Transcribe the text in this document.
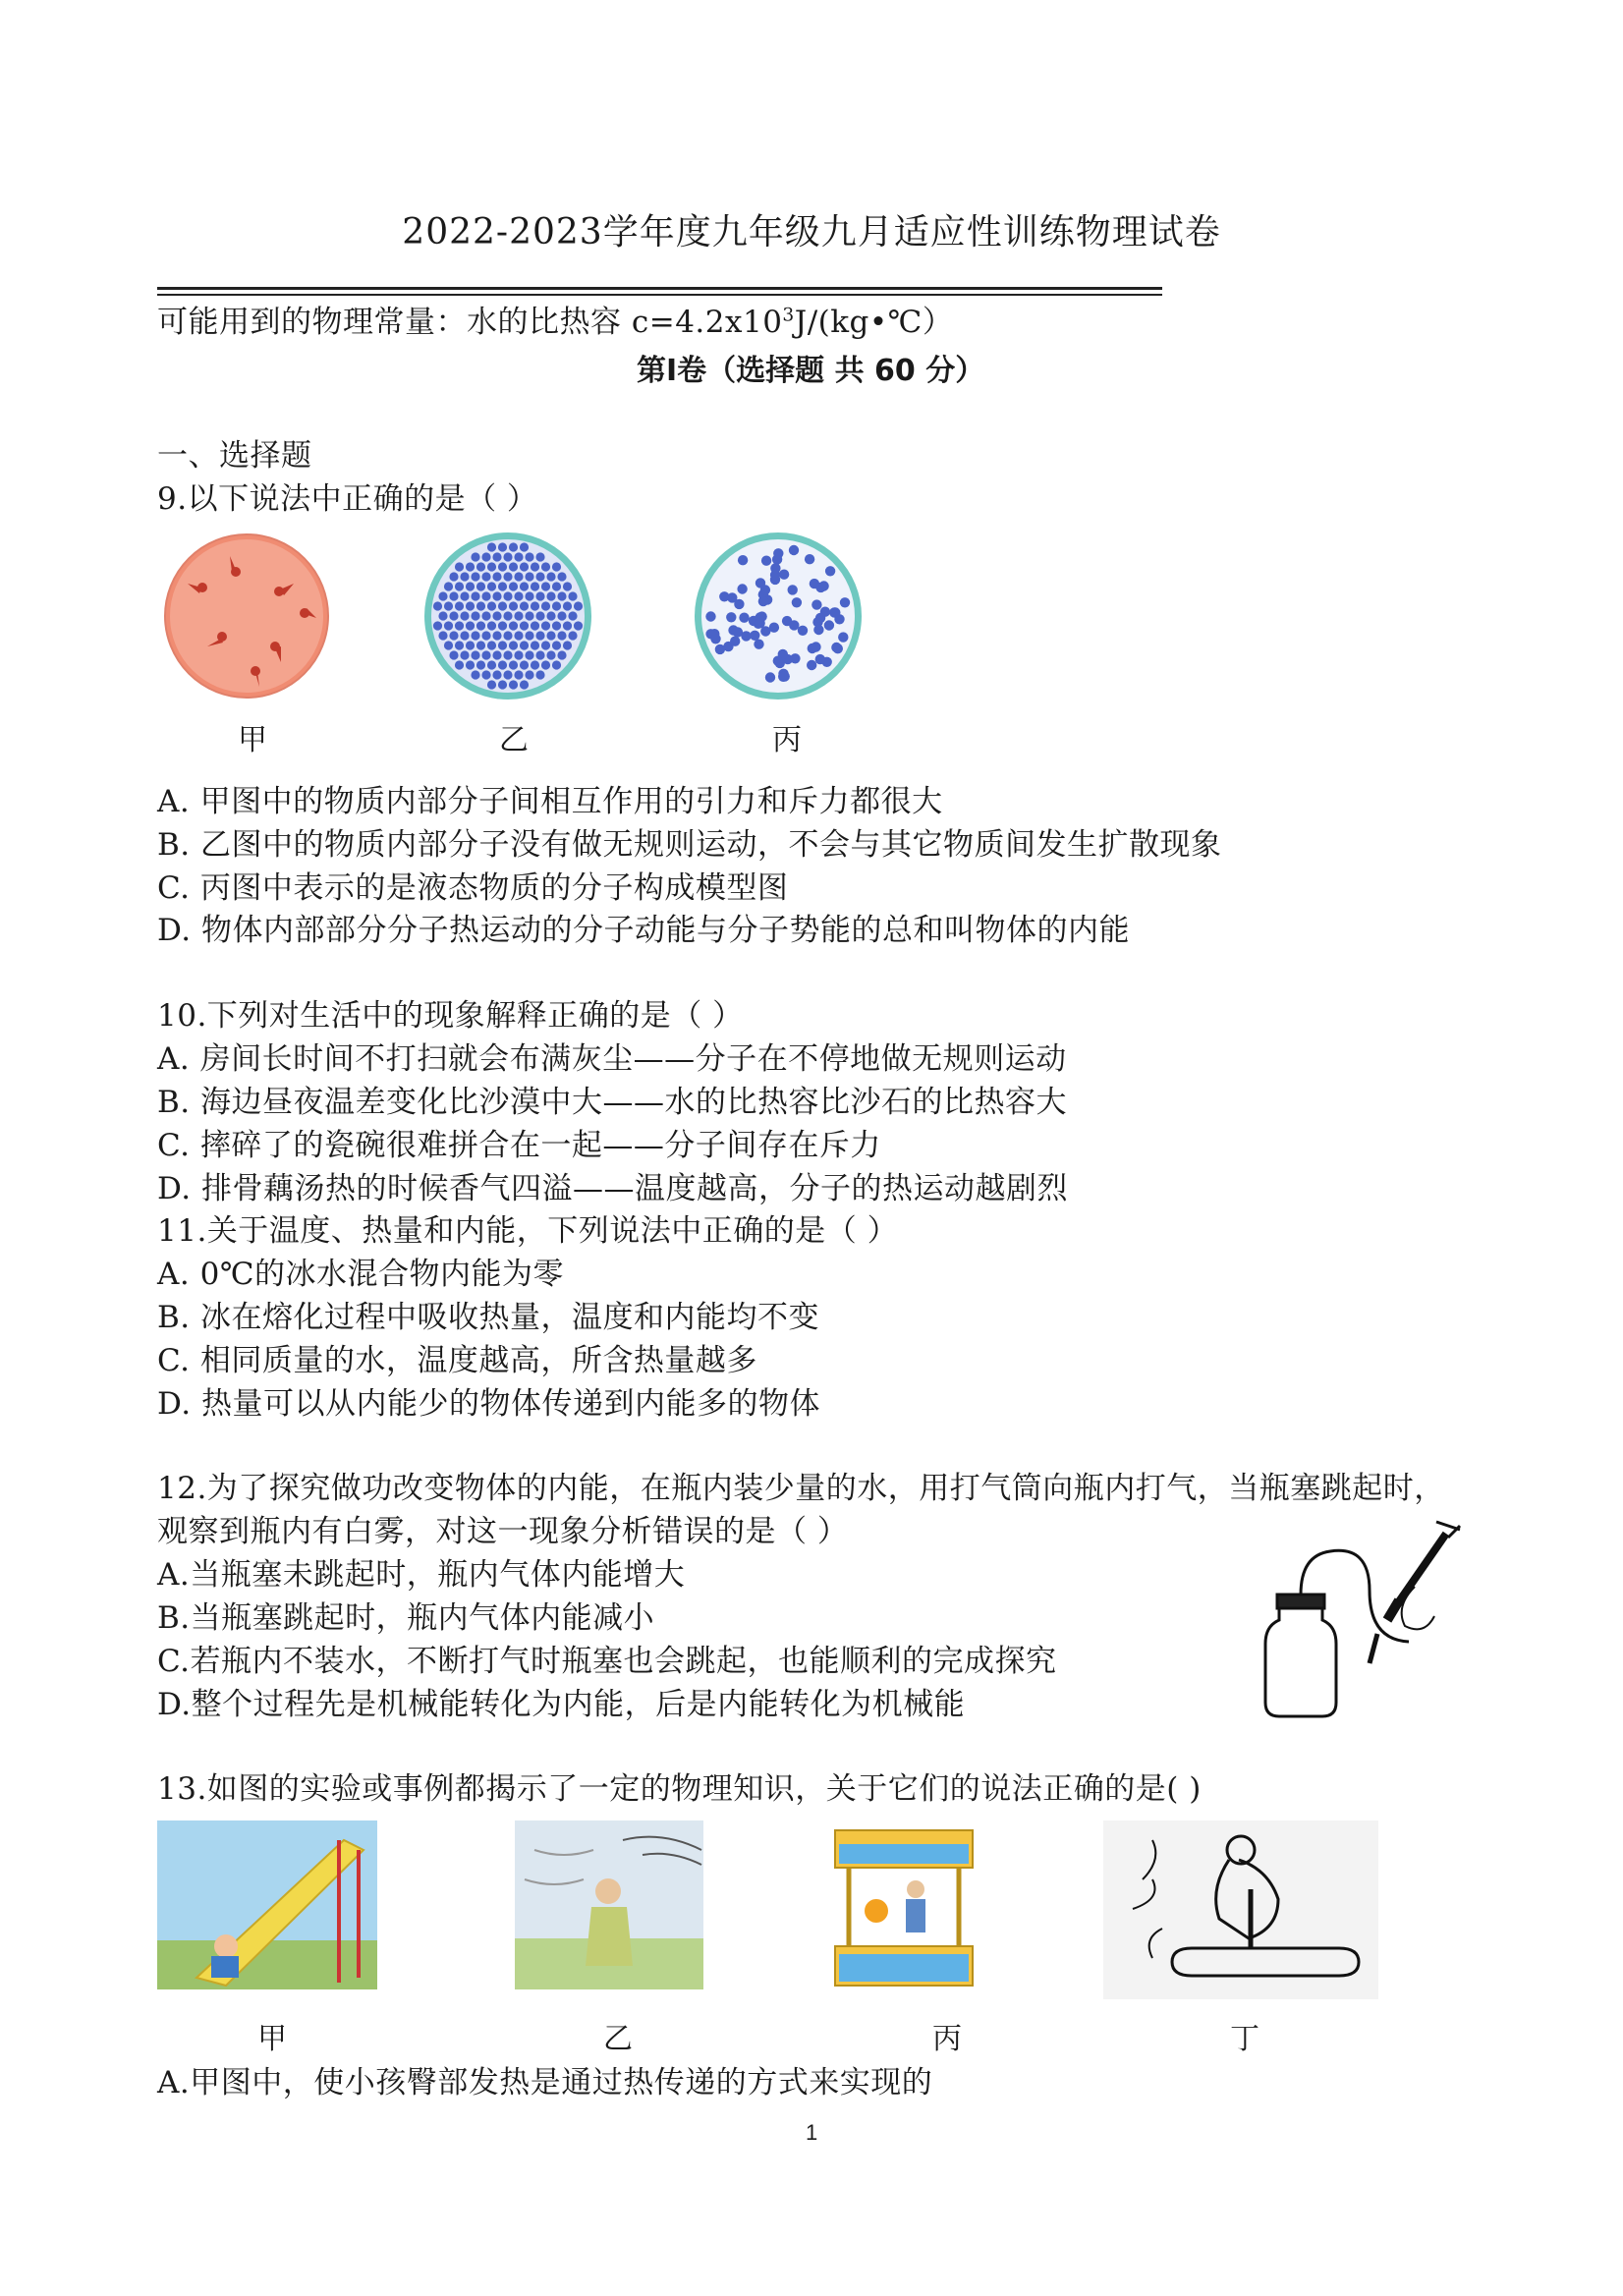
2022-2023学年度九年级九月适应性训练物理试卷
可能用到的物理常量：水的比热容 $c=4.2x10^3J/(kg•℃)$
第Ⅰ卷（选择题 共 60 分）
一、选择题
9.以下说法中正确的是（ ）
甲	乙	丙
A. 甲图中的物质内部分子间相互作用的引力和斥力都很大
B. 乙图中的物质内部分子没有做无规则运动，不会与其它物质间发生扩散现象
C. 丙图中表示的是液态物质的分子构成模型图
D. 物体内部部分分子热运动的分子动能与分子势能的总和叫物体的内能
10.下列对生活中的现象解释正确的是（ ）
A. 房间长时间不打扫就会布满灰尘——分子在不停地做无规则运动
B. 海边昼夜温差变化比沙漠中大——水的比热容比沙石的比热容大
C. 摔碎了的瓷碗很难拼合在一起——分子间存在斥力
D. 排骨藕汤热的时候香气四溢——温度越高，分子的热运动越剧烈
11.关于温度、热量和内能，下列说法中正确的是（ ）
A. 0℃的冰水混合物内能为零
B. 冰在熔化过程中吸收热量，温度和内能均不变
C. 相同质量的水，温度越高，所含热量越多
D. 热量可以从内能少的物体传递到内能多的物体
12.为了探究做功改变物体的内能，在瓶内装少量的水，用打气筒向瓶内打气，当瓶塞跳起时，
观察到瓶内有白雾，对这一现象分析错误的是（ ）
A.当瓶塞未跳起时，瓶内气体内能增大
B.当瓶塞跳起时，瓶内气体内能减小
C.若瓶内不装水，不断打气时瓶塞也会跳起，也能顺利的完成探究
D.整个过程先是机械能转化为内能，后是内能转化为机械能
13.如图的实验或事例都揭示了一定的物理知识，关于它们的说法正确的是( )
甲	乙	丙	丁
A.甲图中，使小孩臀部发热是通过热传递的方式来实现的
1
